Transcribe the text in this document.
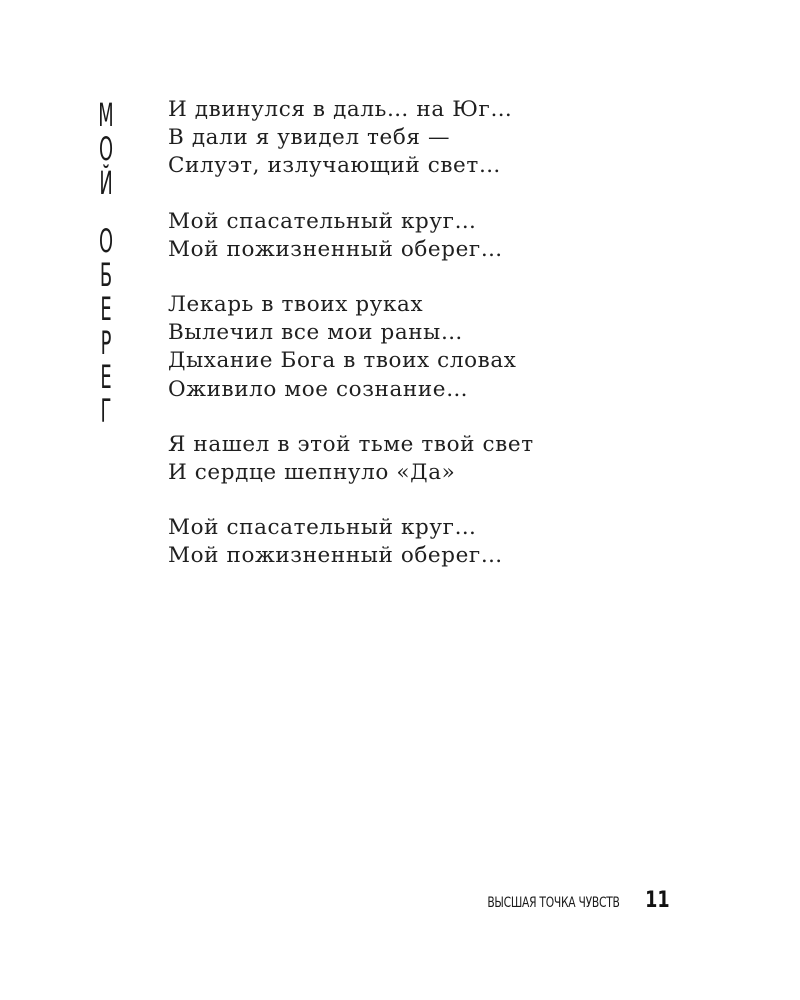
М
О
Й
О
Б
Е
Р
Е
Г
И двинулся в даль… на Юг…
В дали я увидел тебя —
Силуэт, излучающий свет…
Мой спасательный круг…
Мой пожизненный оберег…
Лекарь в твоих руках
Вылечил все мои раны…
Дыхание Бога в твоих словах
Оживило мое сознание…
Я нашел в этой тьме твой свет
И сердце шепнуло «Да»
Мой спасательный круг…
Мой пожизненный оберег…
ВЫСШАЯ ТОЧКА ЧУВСТВ 11
